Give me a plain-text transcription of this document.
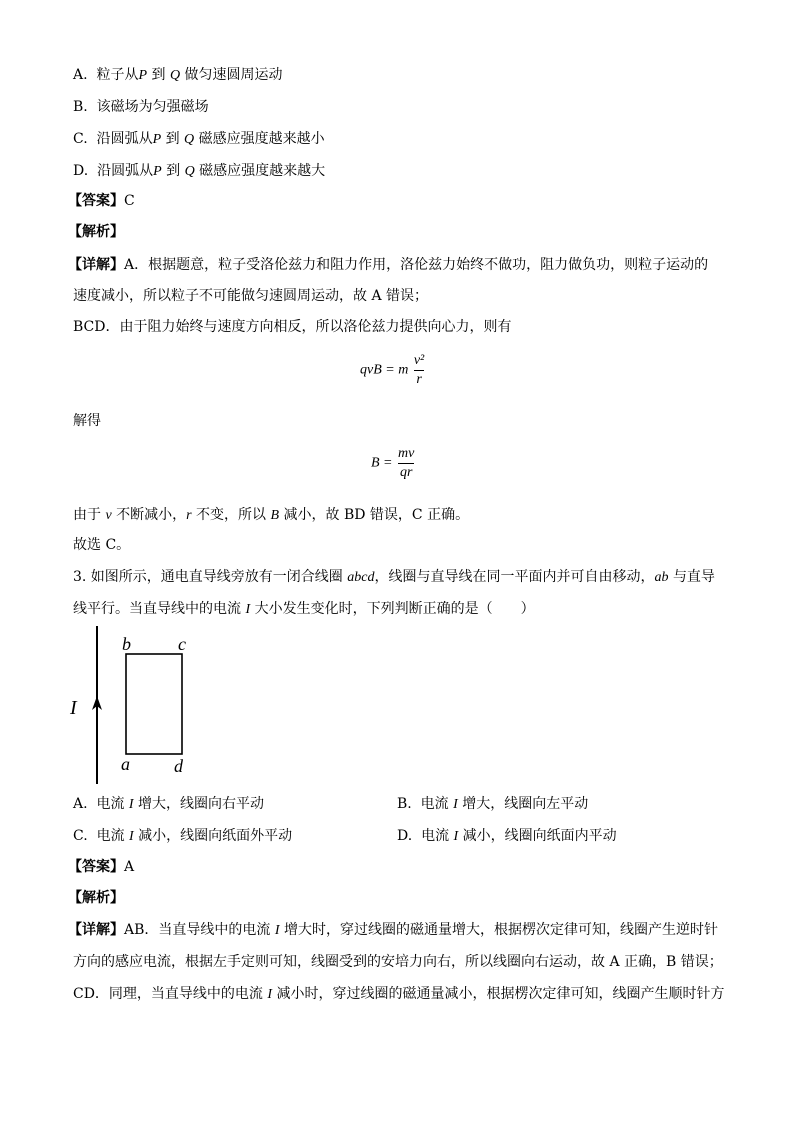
A. 粒子从P 到 Q 做匀速圆周运动
B. 该磁场为匀强磁场
C. 沿圆弧从P 到 Q 磁感应强度越来越小
D. 沿圆弧从P 到 Q 磁感应强度越来越大
【答案】C
【解析】
【详解】A．根据题意，粒子受洛伦兹力和阻力作用，洛伦兹力始终不做功，阻力做负功，则粒子运动的
速度减小，所以粒子不可能做匀速圆周运动，故 A 错误；
BCD．由于阻力始终与速度方向相反，所以洛伦兹力提供向心力，则有
qvB = m $\frac{\text{v²}}{r}$
解得
$B = \frac{mv}{qr}$
由于 v 不断减小，r 不变，所以 B 减小，故 BD 错误，C 正确。
故选 C。
3. 如图所示，通电直导线旁放有一闭合线圈 abcd，线圈与直导线在同一平面内并可自由移动，ab 与直导
线平行。当直导线中的电流 I 大小发生变化时，下列判断正确的是（　　）
I
b	c
a d
A. 电流 I 增大，线圈向右平动	B. 电流 I 增大，线圈向左平动
C. 电流 I 减小，线圈向纸面外平动	D. 电流 I 减小，线圈向纸面内平动
【答案】A
【解析】
【详解】AB．当直导线中的电流 I 增大时，穿过线圈的磁通量增大，根据楞次定律可知，线圈产生逆时针
方向的感应电流，根据左手定则可知，线圈受到的安培力向右，所以线圈向右运动，故 A 正确，B 错误；
CD．同理，当直导线中的电流 I 减小时，穿过线圈的磁通量减小，根据楞次定律可知，线圈产生顺时针方
